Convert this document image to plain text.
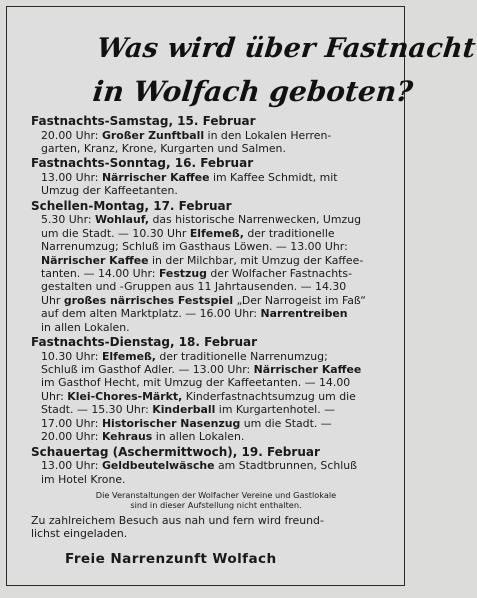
Was wird über Fastnacht
in Wolfach geboten?
Fastnachts-Samstag, 15. Februar
20.00 Uhr: Großer Zunftball in den Lokalen Herren-
garten, Kranz, Krone, Kurgarten und Salmen.
Fastnachts-Sonntag, 16. Februar
13.00 Uhr: Närrischer Kaffee im Kaffee Schmidt, mit
Umzug der Kaffeetanten.
Schellen-Montag, 17. Februar
5.30 Uhr: Wohlauf, das historische Narrenwecken, Umzug
um die Stadt. — 10.30 Uhr Elfemeß, der traditionelle
Narrenumzug; Schluß im Gasthaus Löwen. — 13.00 Uhr:
Närrischer Kaffee in der Milchbar, mit Umzug der Kaffee-
tanten. — 14.00 Uhr: Festzug der Wolfacher Fastnachts-
gestalten und -Gruppen aus 11 Jahrtausenden. — 14.30
Uhr großes närrisches Festspiel „Der Narrogeist im Faß“
auf dem alten Marktplatz. — 16.00 Uhr: Narrentreiben
in allen Lokalen.
Fastnachts-Dienstag, 18. Februar
10.30 Uhr: Elfemeß, der traditionelle Narrenumzug;
Schluß im Gasthof Adler. — 13.00 Uhr: Närrischer Kaffee
im Gasthof Hecht, mit Umzug der Kaffeetanten. — 14.00
Uhr: Klei-Chores-Märkt, Kinderfastnachtsumzug um die
Stadt. — 15.30 Uhr: Kinderball im Kurgartenhotel. —
17.00 Uhr: Historischer Nasenzug um die Stadt. —
20.00 Uhr: Kehraus in allen Lokalen.
Schauertag (Aschermittwoch), 19. Februar
13.00 Uhr: Geldbeutelwäsche am Stadtbrunnen, Schluß
im Hotel Krone.
Die Veranstaltungen der Wolfacher Vereine und Gastlokale
sind in dieser Aufstellung nicht enthalten.
Zu zahlreichem Besuch aus nah und fern wird freund-
lichst eingeladen.
Freie Narrenzunft Wolfach
